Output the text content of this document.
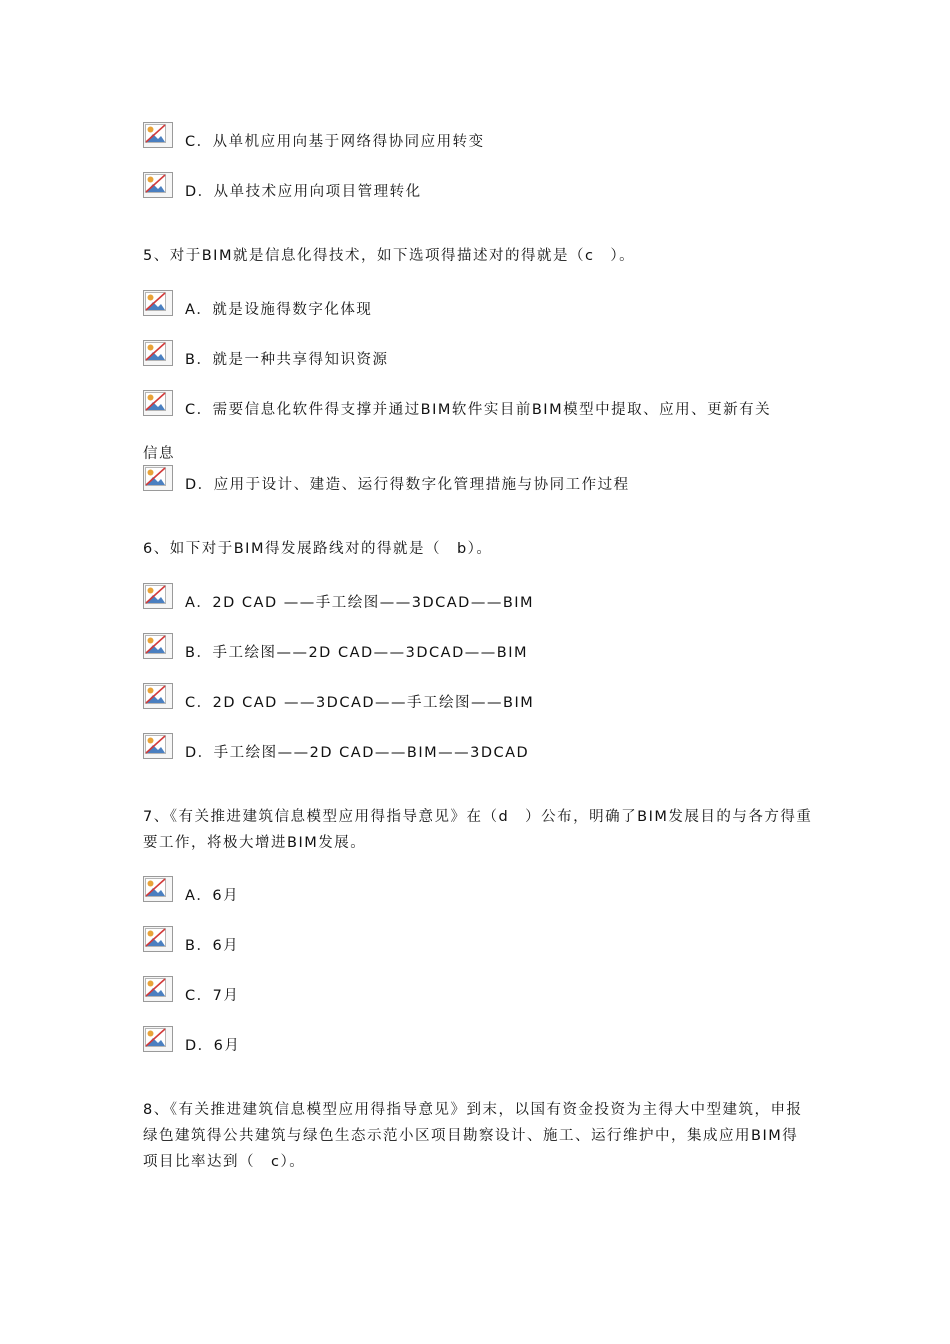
C．从单机应用向基于网络得协同应用转变
D．从单技术应用向项目管理转化
5、对于BIM就是信息化得技术，如下选项得描述对的得就是（c　）。
A．就是设施得数字化体现
B．就是一种共享得知识资源
C．需要信息化软件得支撑并通过BIM软件实目前BIM模型中提取、应用、更新有关
信息
D．应用于设计、建造、运行得数字化管理措施与协同工作过程
6、如下对于BIM得发展路线对的得就是（　b）。
A．2D CAD ——手工绘图——3DCAD——BIM
B．手工绘图——2D CAD——3DCAD——BIM
C．2D CAD ——3DCAD——手工绘图——BIM
D．手工绘图——2D CAD——BIM——3DCAD
7、《有关推进建筑信息模型应用得指导意见》在（d　）公布，明确了BIM发展目的与各方得重要工作，将极大增进BIM发展。
A．6月
B．6月
C．7月
D．6月
8、《有关推进建筑信息模型应用得指导意见》到末，以国有资金投资为主得大中型建筑，申报绿色建筑得公共建筑与绿色生态示范小区项目勘察设计、施工、运行维护中，集成应用BIM得项目比率达到（　c）。
